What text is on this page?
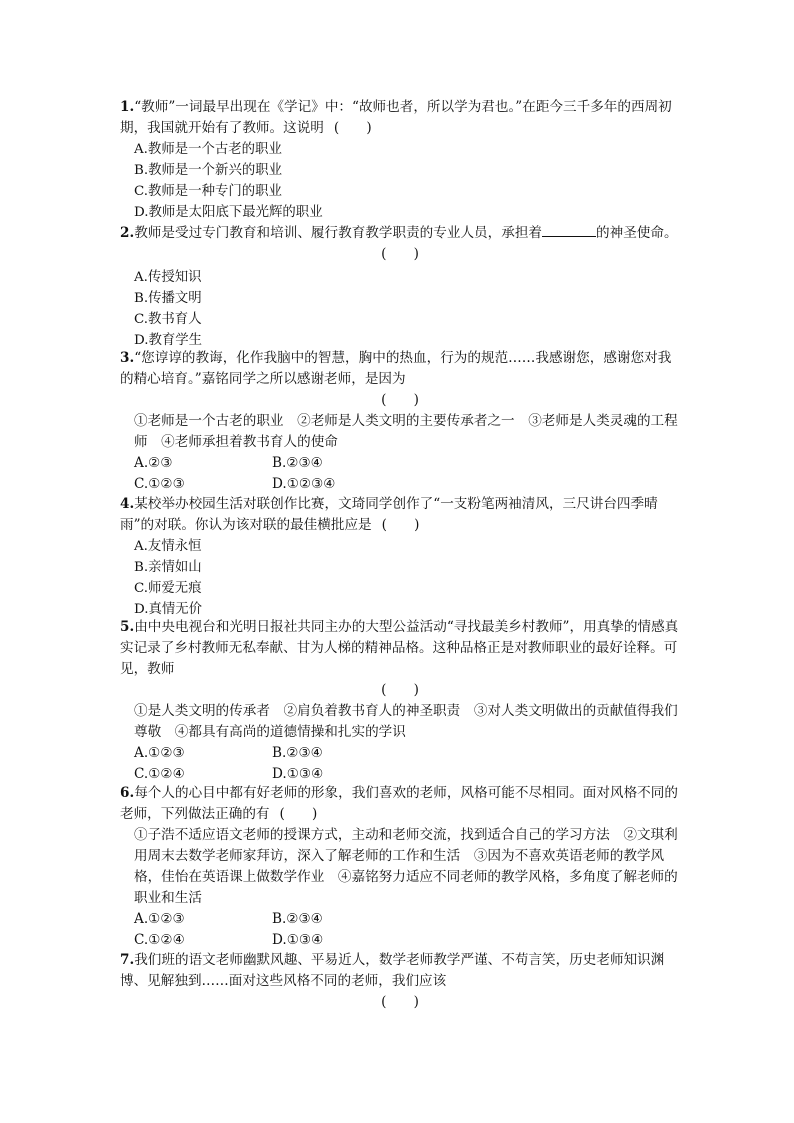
1.“教师”一词最早出现在《学记》中：“故师也者，所以学为君也。”在距今三千多年的西周初期，我国就开始有了教师。这说明 (　　)

A.教师是一个古老的职业

B.教师是一个新兴的职业

C.教师是一种专门的职业

D.教师是太阳底下最光辉的职业

2.教师是受过专门教育和培训、履行教育教学职责的专业人员，承担着	的神圣使命。

(　　)

A.传授知识

B.传播文明

C.教书育人

D.教育学生

3.“您谆谆的教诲，化作我脑中的智慧，胸中的热血，行为的规范……我感谢您，感谢您对我的精心培育。”嘉铭同学之所以感谢老师，是因为

(　　)

①老师是一个古老的职业　②老师是人类文明的主要传承者之一　③老师是人类灵魂的工程师　④老师承担着教书育人的使命

A.②③	B.②③④
C.①②③	D.①②③④

4.某校举办校园生活对联创作比赛，文琦同学创作了“一支粉笔两袖清风，三尺讲台四季晴雨”的对联。你认为该对联的最佳横批应是 (　　)

A.友情永恒

B.亲情如山

C.师爱无痕

D.真情无价

5.由中央电视台和光明日报社共同主办的大型公益活动“寻找最美乡村教师”，用真挚的情感真实记录了乡村教师无私奉献、甘为人梯的精神品格。这种品格正是对教师职业的最好诠释。可见，教师

(　　)

①是人类文明的传承者　②肩负着教书育人的神圣职责　③对人类文明做出的贡献值得我们尊敬　④都具有高尚的道德情操和扎实的学识

A.①②③	B.②③④
C.①②④	D.①③④

6.每个人的心目中都有好老师的形象，我们喜欢的老师，风格可能不尽相同。面对风格不同的老师，下列做法正确的有 (　　)

①子浩不适应语文老师的授课方式，主动和老师交流，找到适合自己的学习方法　②文琪利用周末去数学老师家拜访，深入了解老师的工作和生活　③因为不喜欢英语老师的教学风格，佳怡在英语课上做数学作业　④嘉铭努力适应不同老师的教学风格，多角度了解老师的职业和生活

A.①②③	B.②③④
C.①②④	D.①③④

7.我们班的语文老师幽默风趣、平易近人，数学老师教学严谨、不苟言笑，历史老师知识渊博、见解独到……面对这些风格不同的老师，我们应该

(　　)
